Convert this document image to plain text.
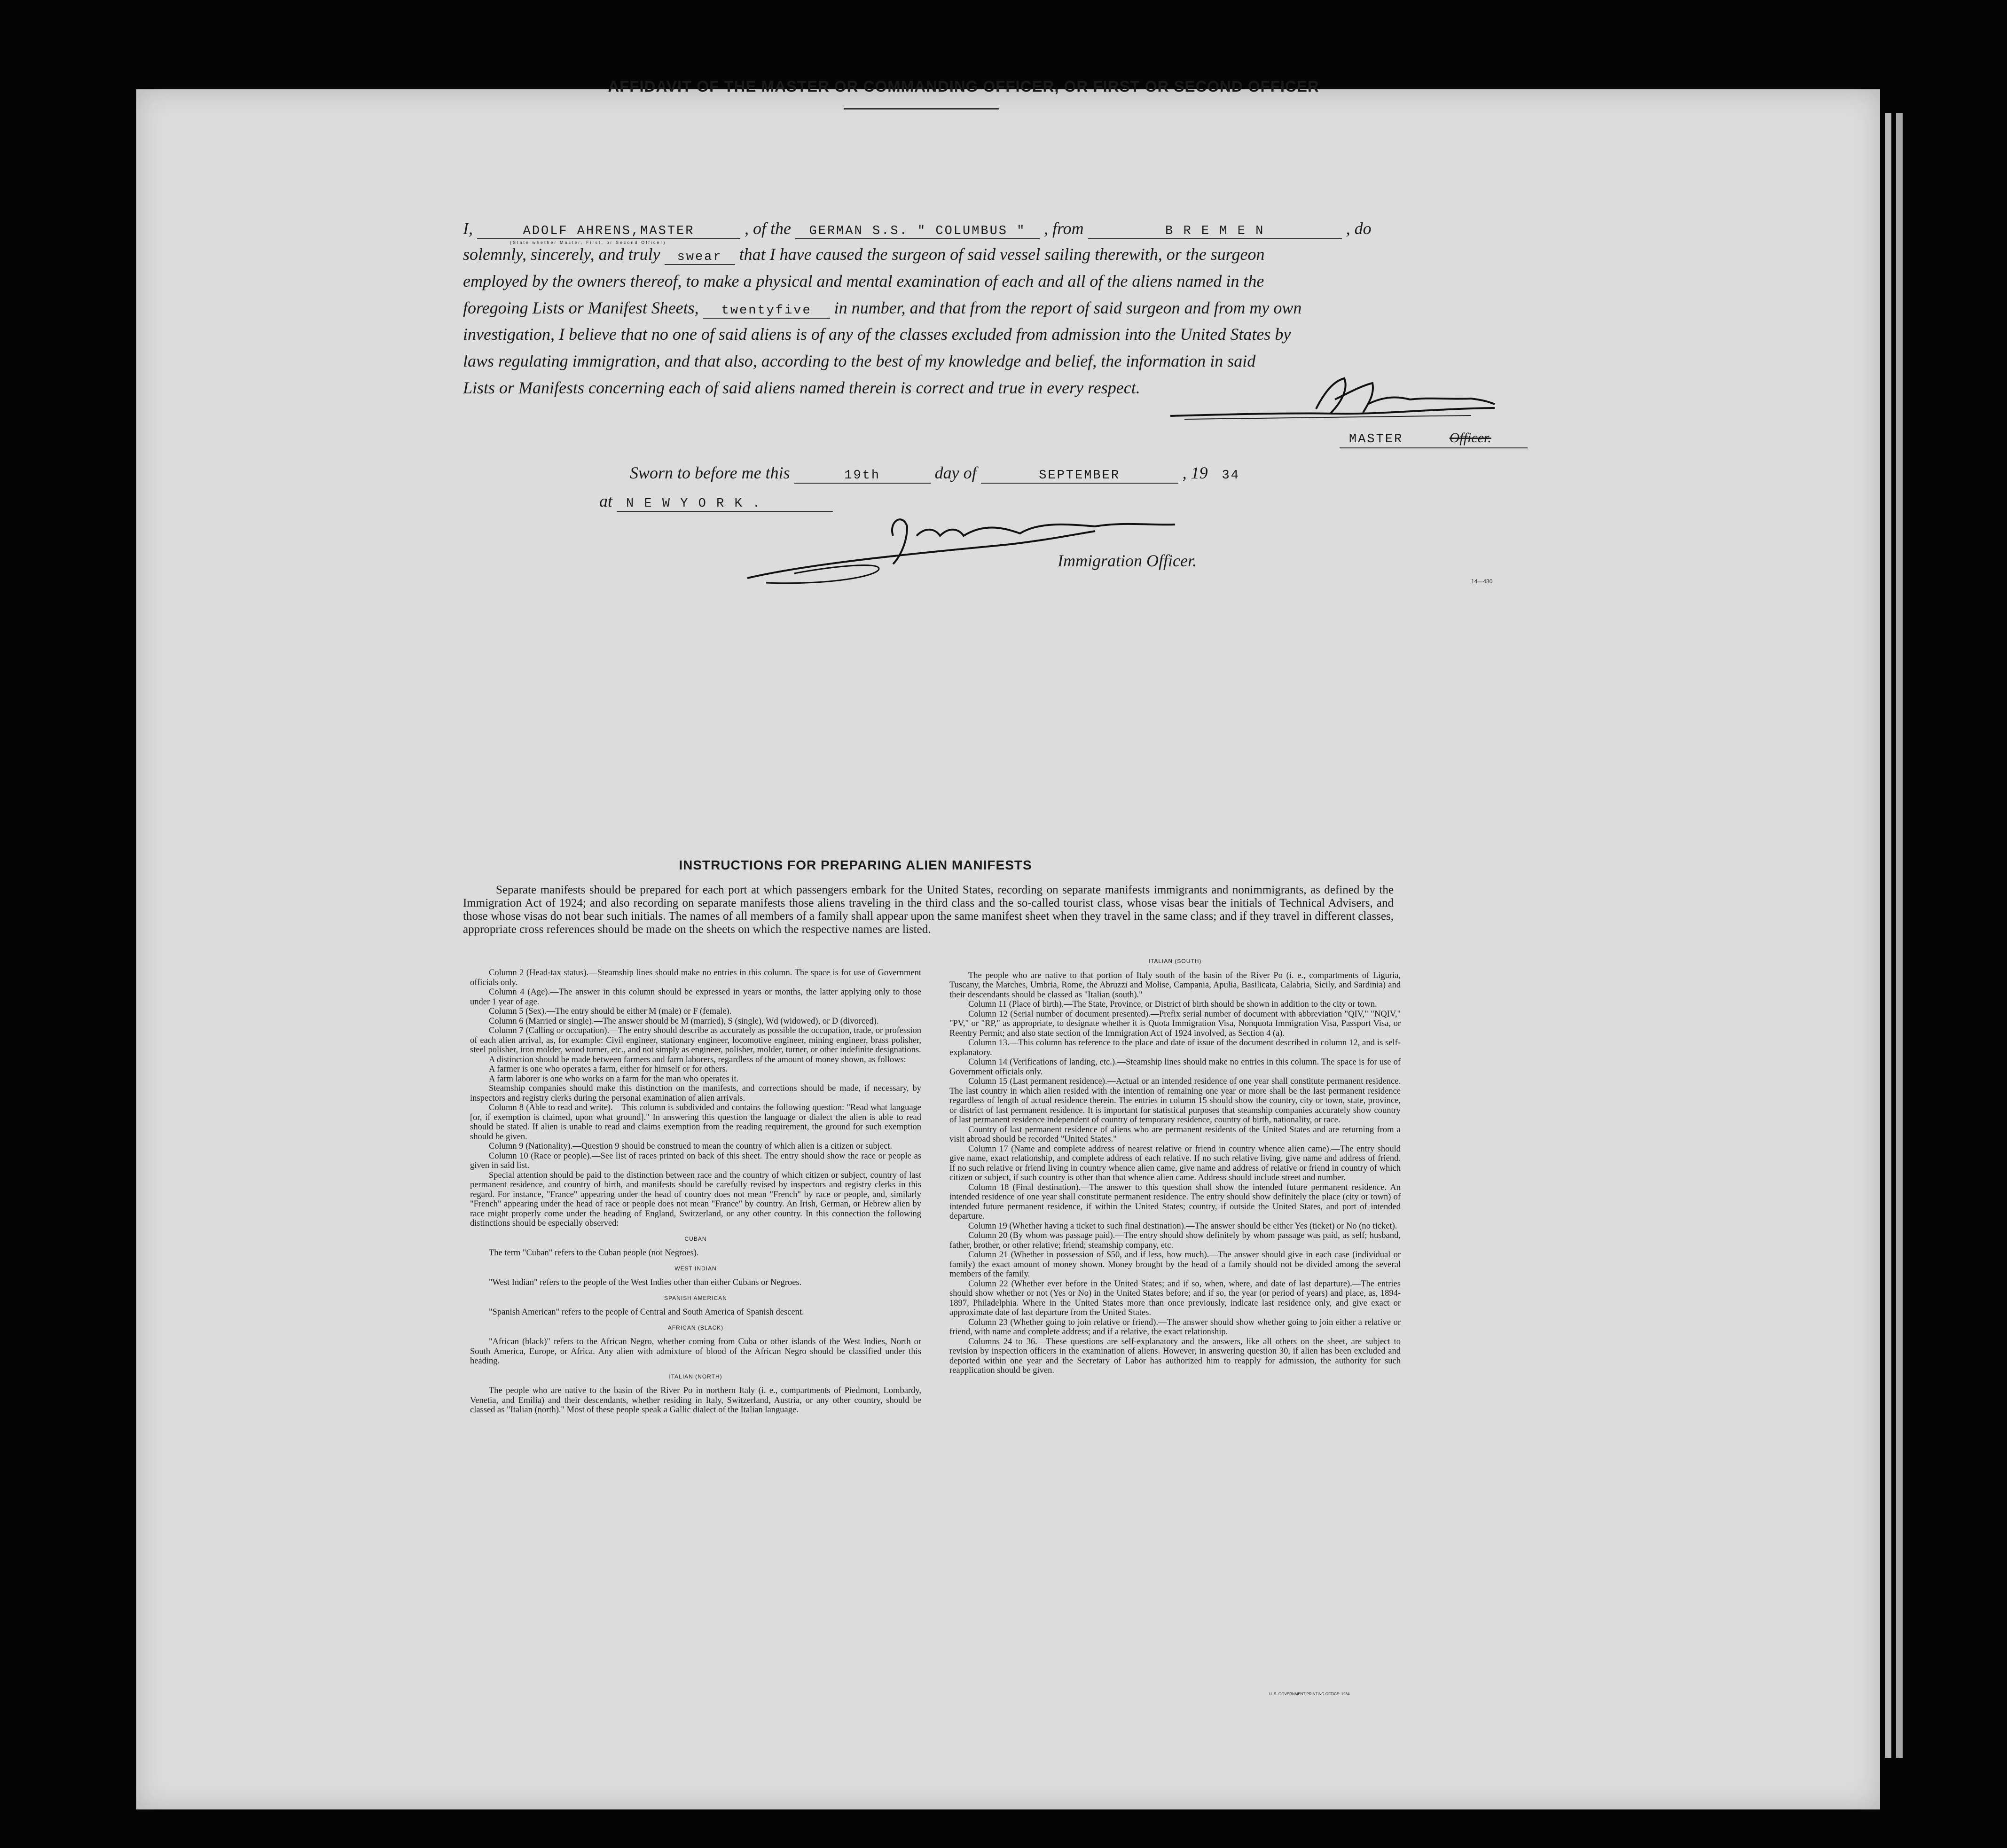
AFFIDAVIT OF THE MASTER OR COMMANDING OFFICER, OR FIRST OR SECOND OFFICER
I,	ADOLF AHRENS,MASTER
(State whether Master, First, or Second Officer)
, of the GERMAN S.S. " COLUMBUS " , from	B R E M E N	, do
solemnly, sincerely, and truly swear that I have caused the surgeon of said vessel sailing therewith, or the surgeon
employed by the owners thereof, to make a physical and mental examination of each and all of the aliens named in the
foregoing Lists or Manifest Sheets, twentyfive in number, and that from the report of said surgeon and from my own
investigation, I believe that no one of said aliens is of any of the classes excluded from admission into the United States by
laws regulating immigration, and that also, according to the best of my knowledge and belief, the information in said
Lists or Manifests concerning each of said aliens named therein is correct and true in every respect.
MASTER	Officer.
Sworn to before me this	19th	day of	SEPTEMBER	, 19 34
at N E W Y O R K .
Immigration Officer.
14—430
INSTRUCTIONS FOR PREPARING ALIEN MANIFESTS
Separate manifests should be prepared for each port at which passengers embark for the United States, recording on separate manifests immigrants and nonimmigrants, as defined by the Immigration Act of 1924; and also recording on separate manifests those aliens traveling in the third class and the so-called tourist class, whose visas bear the initials of Technical Advisers, and those whose visas do not bear such initials. The names of all members of a family shall appear upon the same manifest sheet when they travel in the same class; and if they travel in different classes, appropriate cross references should be made on the sheets on which the respective names are listed.

Column 2 (Head-tax status).—Steamship lines should make no entries in this column. The space is for use of Government officials only.

Column 4 (Age).—The answer in this column should be expressed in years or months, the latter applying only to those under 1 year of age.

Column 5 (Sex).—The entry should be either M (male) or F (female).

Column 6 (Married or single).—The answer should be M (married), S (single), Wd (widowed), or D (divorced).

Column 7 (Calling or occupation).—The entry should describe as accurately as possible the occupation, trade, or profession of each alien arrival, as, for example: Civil engineer, stationary engineer, locomotive engineer, mining engineer, brass polisher, steel polisher, iron molder, wood turner, etc., and not simply as engineer, polisher, molder, turner, or other indefinite designations.

A distinction should be made between farmers and farm laborers, regardless of the amount of money shown, as follows:

A farmer is one who operates a farm, either for himself or for others.

A farm laborer is one who works on a farm for the man who operates it.

Steamship companies should make this distinction on the manifests, and corrections should be made, if necessary, by inspectors and registry clerks during the personal examination of alien arrivals.

Column 8 (Able to read and write).—This column is subdivided and contains the following question: "Read what language [or, if exemption is claimed, upon what ground]." In answering this question the language or dialect the alien is able to read should be stated. If alien is unable to read and claims exemption from the reading requirement, the ground for such exemption should be given.

Column 9 (Nationality).—Question 9 should be construed to mean the country of which alien is a citizen or subject.

Column 10 (Race or people).—See list of races printed on back of this sheet. The entry should show the race or people as given in said list.

Special attention should be paid to the distinction between race and the country of which citizen or subject, country of last permanent residence, and country of birth, and manifests should be carefully revised by inspectors and registry clerks in this regard. For instance, "France" appearing under the head of country does not mean "French" by race or people, and, similarly "French" appearing under the head of race or people does not mean "France" by country. An Irish, German, or Hebrew alien by race might properly come under the heading of England, Switzerland, or any other country. In this connection the following distinctions should be especially observed:

CUBAN

The term "Cuban" refers to the Cuban people (not Negroes).

WEST INDIAN

"West Indian" refers to the people of the West Indies other than either Cubans or Negroes.

SPANISH AMERICAN

"Spanish American" refers to the people of Central and South America of Spanish descent.

AFRICAN (BLACK)

"African (black)" refers to the African Negro, whether coming from Cuba or other islands of the West Indies, North or South America, Europe, or Africa. Any alien with admixture of blood of the African Negro should be classified under this heading.

ITALIAN (NORTH)

The people who are native to the basin of the River Po in northern Italy (i. e., compartments of Piedmont, Lombardy, Venetia, and Emilia) and their descendants, whether residing in Italy, Switzerland, Austria, or any other country, should be classed as "Italian (north)." Most of these people speak a Gallic dialect of the Italian language.

ITALIAN (SOUTH)

The people who are native to that portion of Italy south of the basin of the River Po (i. e., compartments of Liguria, Tuscany, the Marches, Umbria, Rome, the Abruzzi and Molise, Campania, Apulia, Basilicata, Calabria, Sicily, and Sardinia) and their descendants should be classed as "Italian (south)."

Column 11 (Place of birth).—The State, Province, or District of birth should be shown in addition to the city or town.

Column 12 (Serial number of document presented).—Prefix serial number of document with abbreviation "QIV," "NQIV," "PV," or "RP," as appropriate, to designate whether it is Quota Immigration Visa, Nonquota Immigration Visa, Passport Visa, or Reentry Permit; and also state section of the Immigration Act of 1924 involved, as Section 4 (a).

Column 13.—This column has reference to the place and date of issue of the document described in column 12, and is self-explanatory.

Column 14 (Verifications of landing, etc.).—Steamship lines should make no entries in this column. The space is for use of Government officials only.

Column 15 (Last permanent residence).—Actual or an intended residence of one year shall constitute permanent residence. The last country in which alien resided with the intention of remaining one year or more shall be the last permanent residence regardless of length of actual residence therein. The entries in column 15 should show the country, city or town, state, province, or district of last permanent residence. It is important for statistical purposes that steamship companies accurately show country of last permanent residence independent of country of temporary residence, country of birth, nationality, or race.

Country of last permanent residence of aliens who are permanent residents of the United States and are returning from a visit abroad should be recorded "United States."

Column 17 (Name and complete address of nearest relative or friend in country whence alien came).—The entry should give name, exact relationship, and complete address of each relative. If no such relative living, give name and address of friend. If no such relative or friend living in country whence alien came, give name and address of relative or friend in country of which citizen or subject, if such country is other than that whence alien came. Address should include street and number.

Column 18 (Final destination).—The answer to this question shall show the intended future permanent residence. An intended residence of one year shall constitute permanent residence. The entry should show definitely the place (city or town) of intended future permanent residence, if within the United States; country, if outside the United States, and port of intended departure.

Column 19 (Whether having a ticket to such final destination).—The answer should be either Yes (ticket) or No (no ticket).

Column 20 (By whom was passage paid).—The entry should show definitely by whom passage was paid, as self; husband, father, brother, or other relative; friend; steamship company, etc.

Column 21 (Whether in possession of $50, and if less, how much).—The answer should give in each case (individual or family) the exact amount of money shown. Money brought by the head of a family should not be divided among the several members of the family.

Column 22 (Whether ever before in the United States; and if so, when, where, and date of last departure).—The entries should show whether or not (Yes or No) in the United States before; and if so, the year (or period of years) and place, as, 1894-1897, Philadelphia. Where in the United States more than once previously, indicate last residence only, and give exact or approximate date of last departure from the United States.

Column 23 (Whether going to join relative or friend).—The answer should show whether going to join either a relative or friend, with name and complete address; and if a relative, the exact relationship.

Columns 24 to 36.—These questions are self-explanatory and the answers, like all others on the sheet, are subject to revision by inspection officers in the examination of aliens. However, in answering question 30, if alien has been excluded and deported within one year and the Secretary of Labor has authorized him to reapply for admission, the authority for such reapplication should be given.

U. S. GOVERNMENT PRINTING OFFICE: 1934
